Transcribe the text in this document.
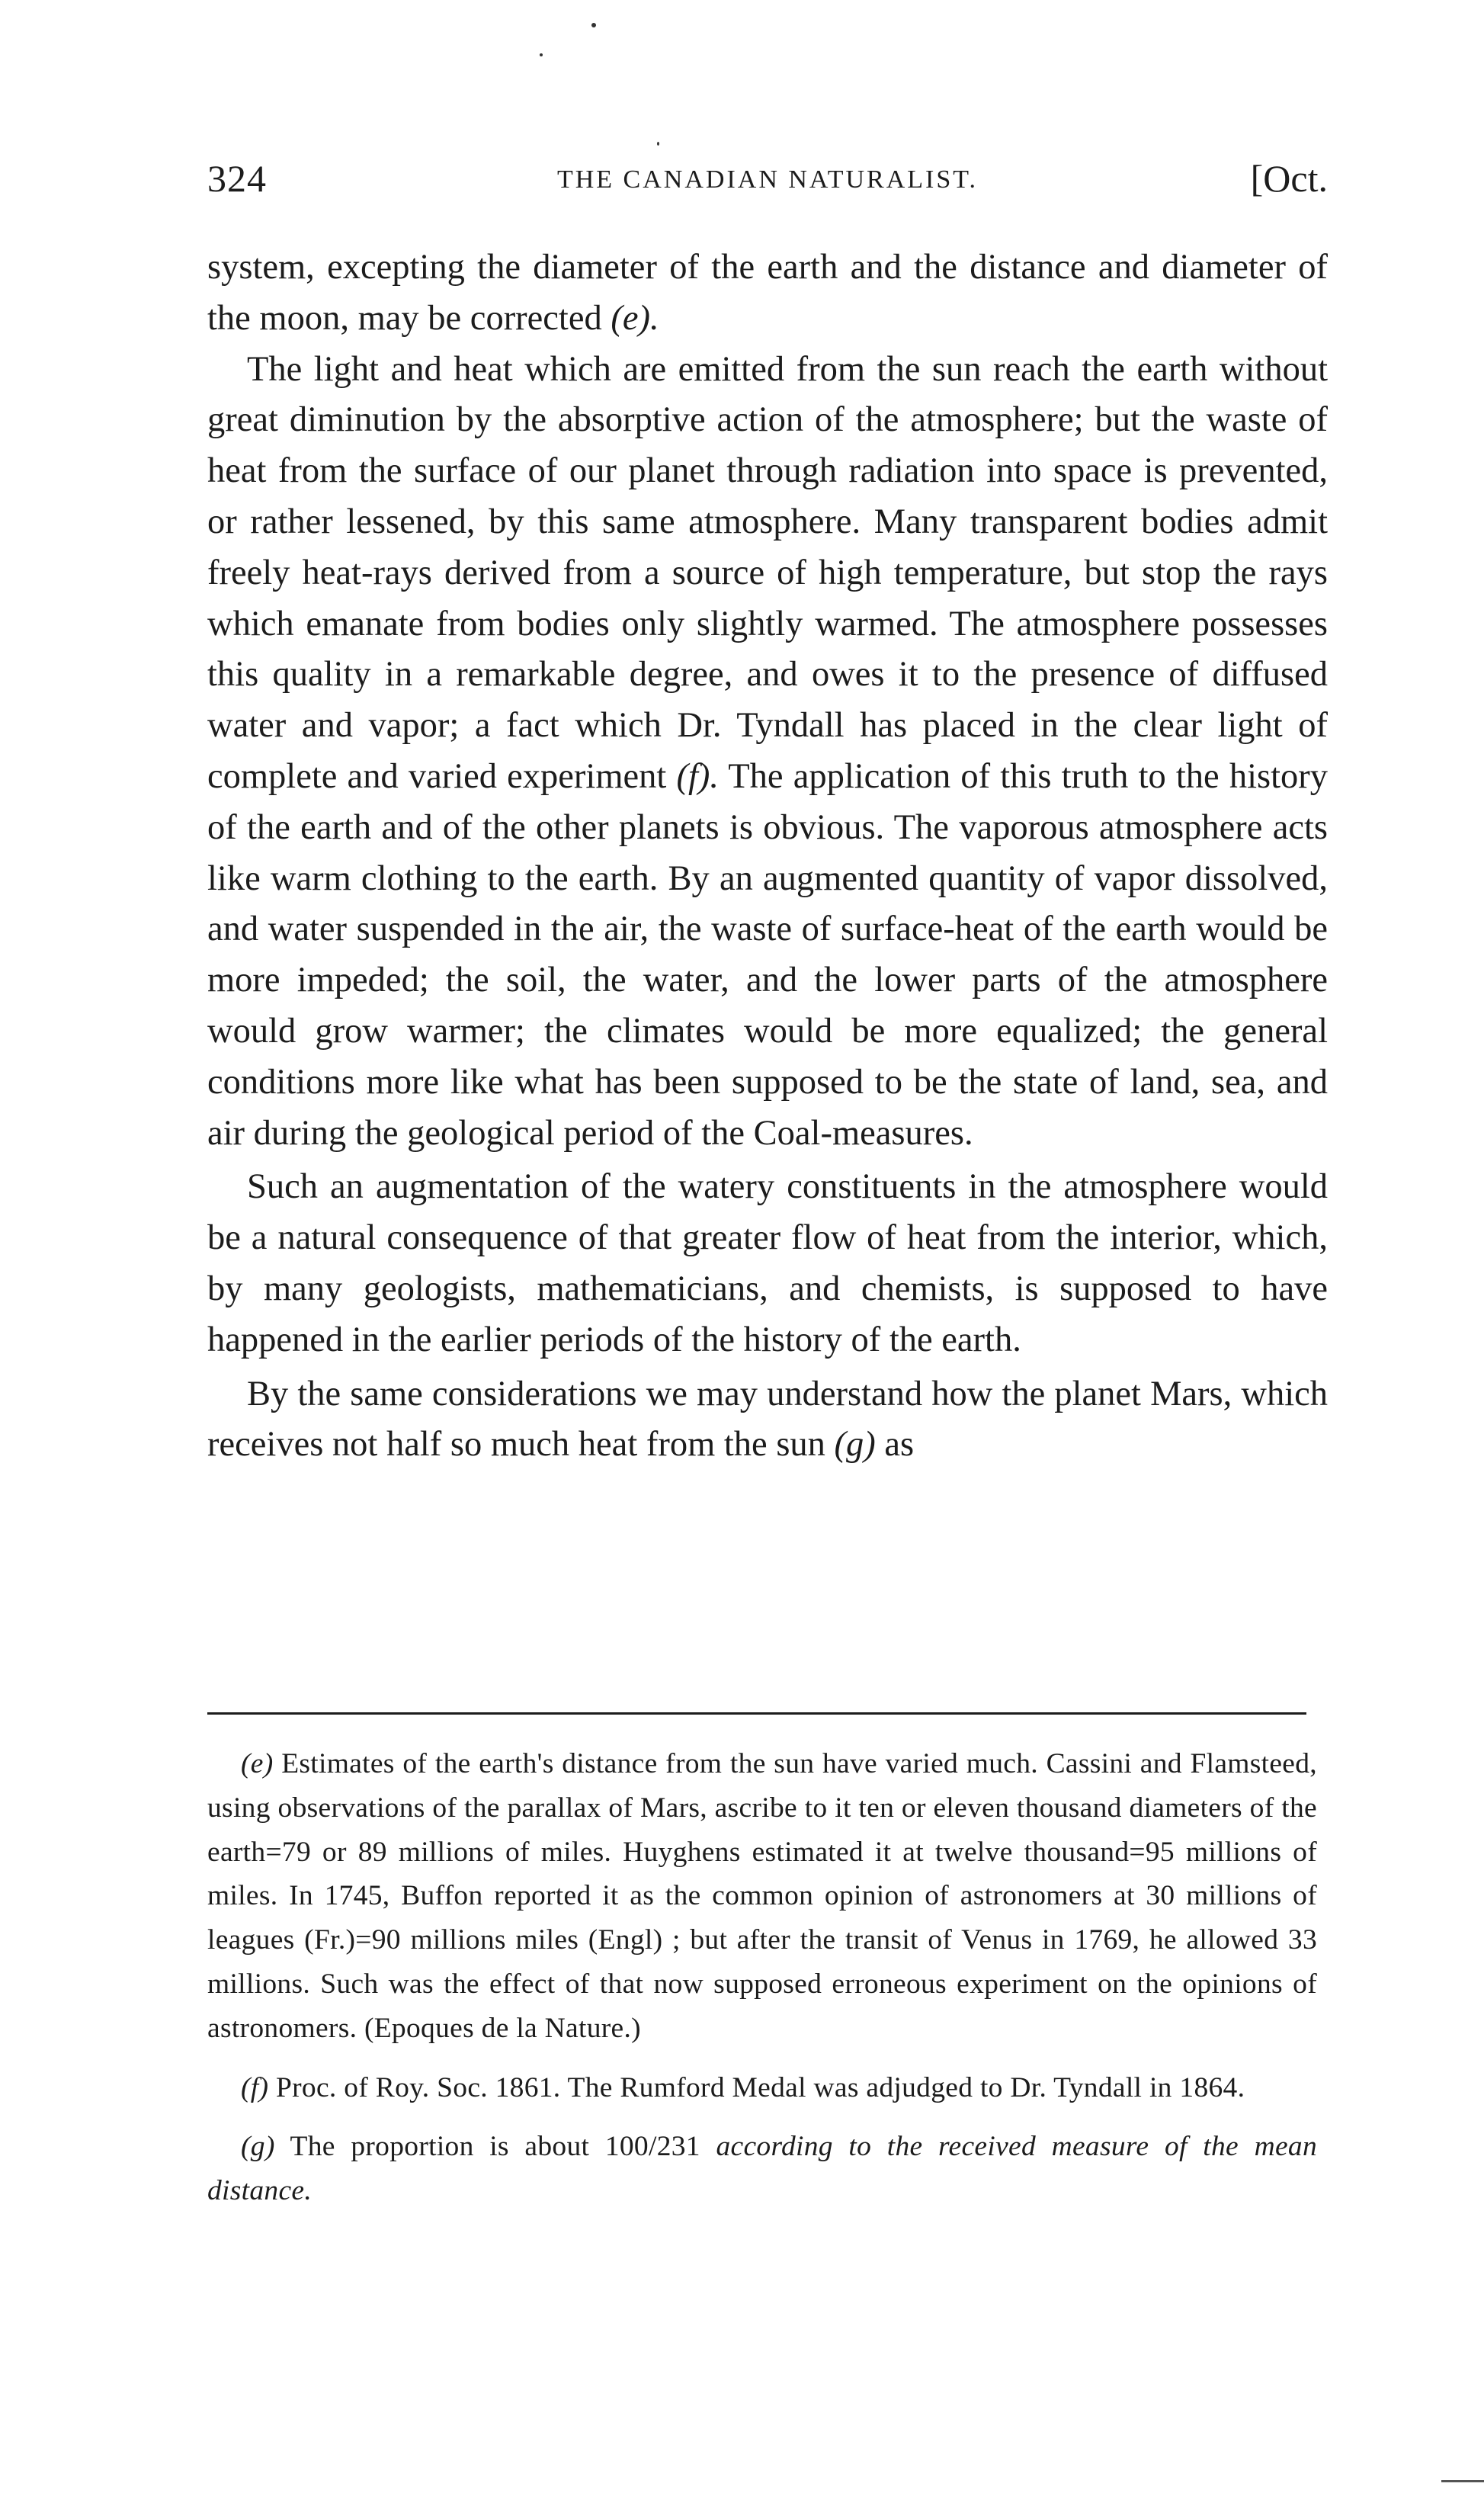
324	THE CANADIAN NATURALIST.	[Oct.

system, excepting the diameter of the earth and the distance and diameter of the moon, may be corrected (e).

The light and heat which are emitted from the sun reach the earth without great diminution by the absorptive action of the atmosphere; but the waste of heat from the surface of our planet through radiation into space is prevented, or rather lessened, by this same atmosphere. Many transparent bodies admit freely heat-rays derived from a source of high temperature, but stop the rays which emanate from bodies only slightly warmed. The atmosphere possesses this quality in a remarkable degree, and owes it to the presence of diffused water and vapor; a fact which Dr. Tyndall has placed in the clear light of complete and varied experiment (f). The application of this truth to the history of the earth and of the other planets is obvious. The vaporous atmosphere acts like warm clothing to the earth. By an augmented quantity of vapor dissolved, and water suspended in the air, the waste of surface-heat of the earth would be more impeded; the soil, the water, and the lower parts of the atmosphere would grow warmer; the climates would be more equalized; the general conditions more like what has been supposed to be the state of land, sea, and air during the geological period of the Coal-measures.

Such an augmentation of the watery constituents in the atmosphere would be a natural consequence of that greater flow of heat from the interior, which, by many geologists, mathematicians, and chemists, is supposed to have happened in the earlier periods of the history of the earth.

By the same considerations we may understand how the planet Mars, which receives not half so much heat from the sun (g) as

(e) Estimates of the earth's distance from the sun have varied much. Cassini and Flamsteed, using observations of the parallax of Mars, ascribe to it ten or eleven thousand diameters of the earth=79 or 89 millions of miles. Huyghens estimated it at twelve thousand=95 millions of miles. In 1745, Buffon reported it as the common opinion of astronomers at 30 millions of leagues (Fr.)=90 millions miles (Engl) ; but after the transit of Venus in 1769, he allowed 33 millions. Such was the effect of that now supposed erroneous experiment on the opinions of astronomers. (Epoques de la Nature.)

(f) Proc. of Roy. Soc. 1861. The Rumford Medal was adjudged to Dr. Tyndall in 1864.

(g) The proportion is about 100/231 according to the received measure of the mean distance.
